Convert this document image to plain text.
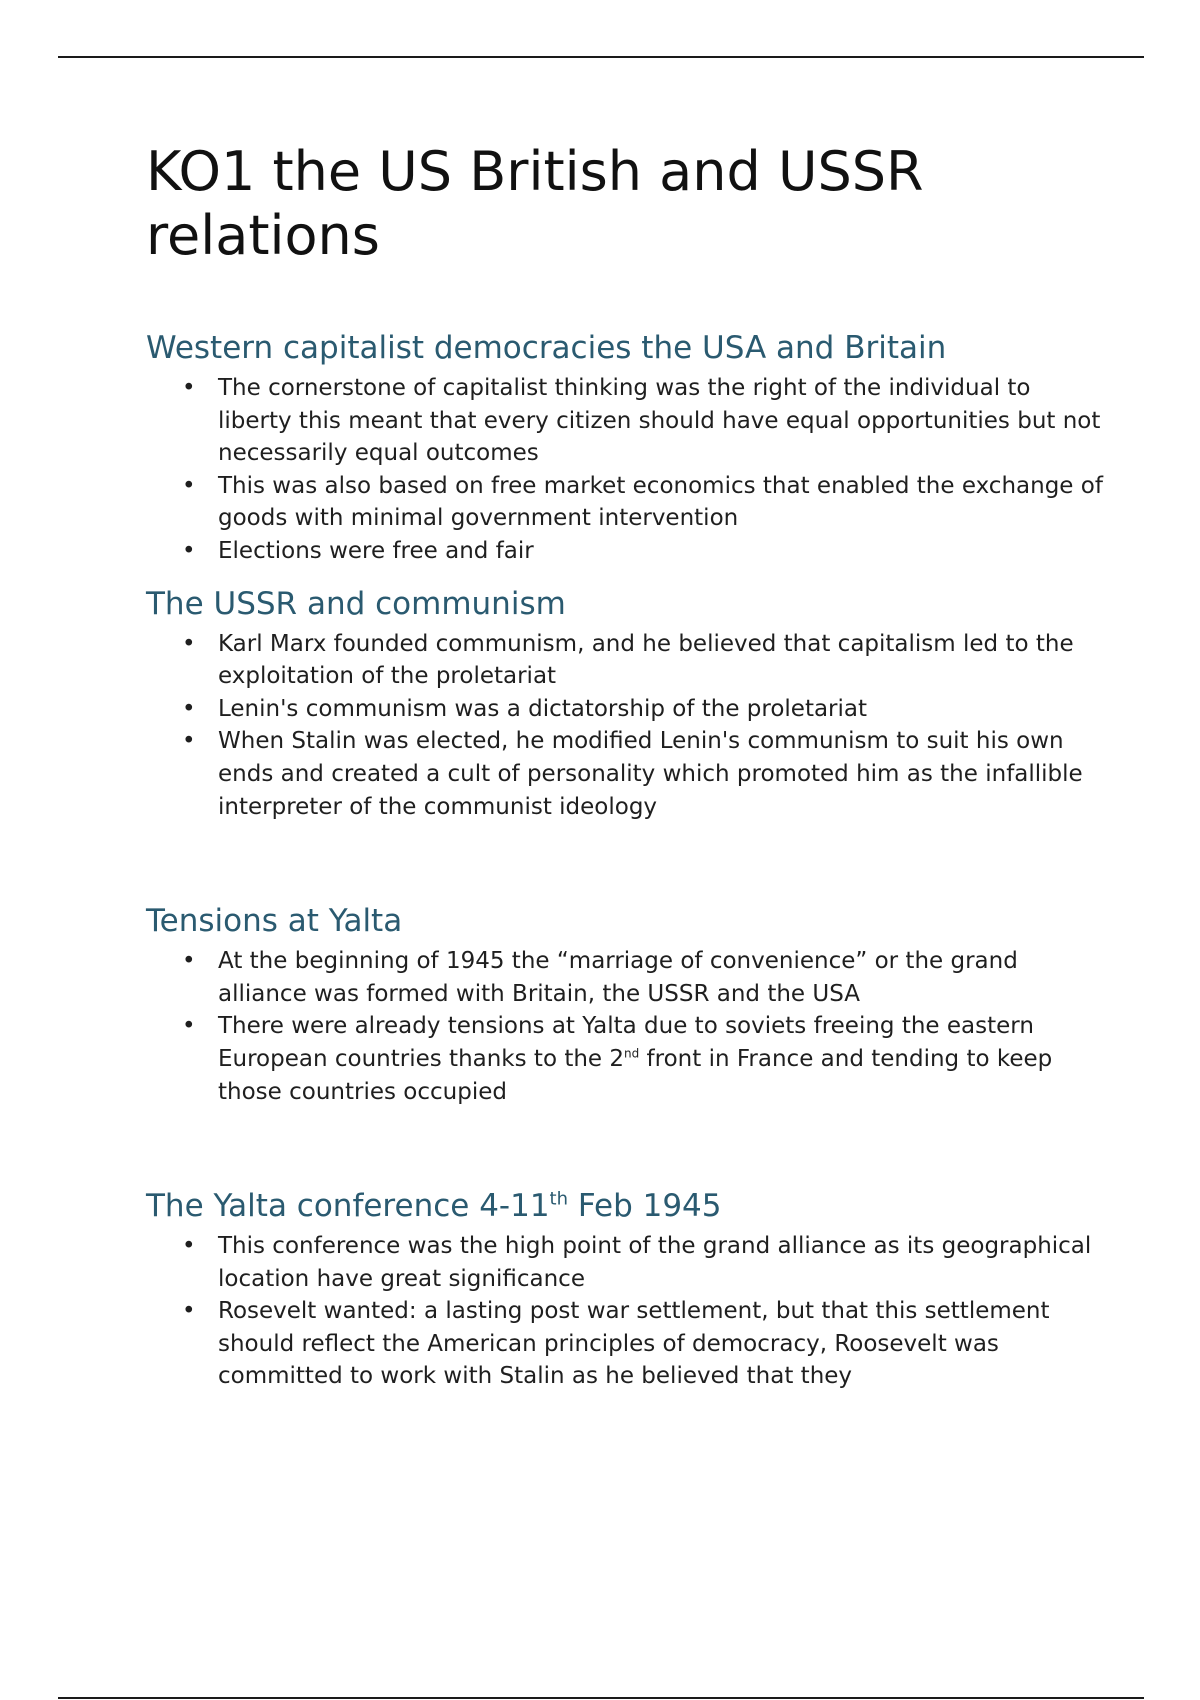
KO1 the US British and USSR relations
Western capitalist democracies the USA and Britain
• The cornerstone of capitalist thinking was the right of the individual to liberty this meant that every citizen should have equal opportunities but not necessarily equal outcomes
• This was also based on free market economics that enabled the exchange of goods with minimal government intervention
• Elections were free and fair
The USSR and communism
• Karl Marx founded communism, and he believed that capitalism led to the exploitation of the proletariat
• Lenin's communism was a dictatorship of the proletariat
• When Stalin was elected, he modified Lenin's communism to suit his own ends and created a cult of personality which promoted him as the infallible interpreter of the communist ideology
Tensions at Yalta
• At the beginning of 1945 the “marriage of convenience” or the grand alliance was formed with Britain, the USSR and the USA
• There were already tensions at Yalta due to soviets freeing the eastern European countries thanks to the 2nd front in France and tending to keep those countries occupied
The Yalta conference 4-11th Feb 1945
• This conference was the high point of the grand alliance as its geographical location have great significance
• Rosevelt wanted: a lasting post war settlement, but that this settlement should reflect the American principles of democracy, Roosevelt was committed to work with Stalin as he believed that they
